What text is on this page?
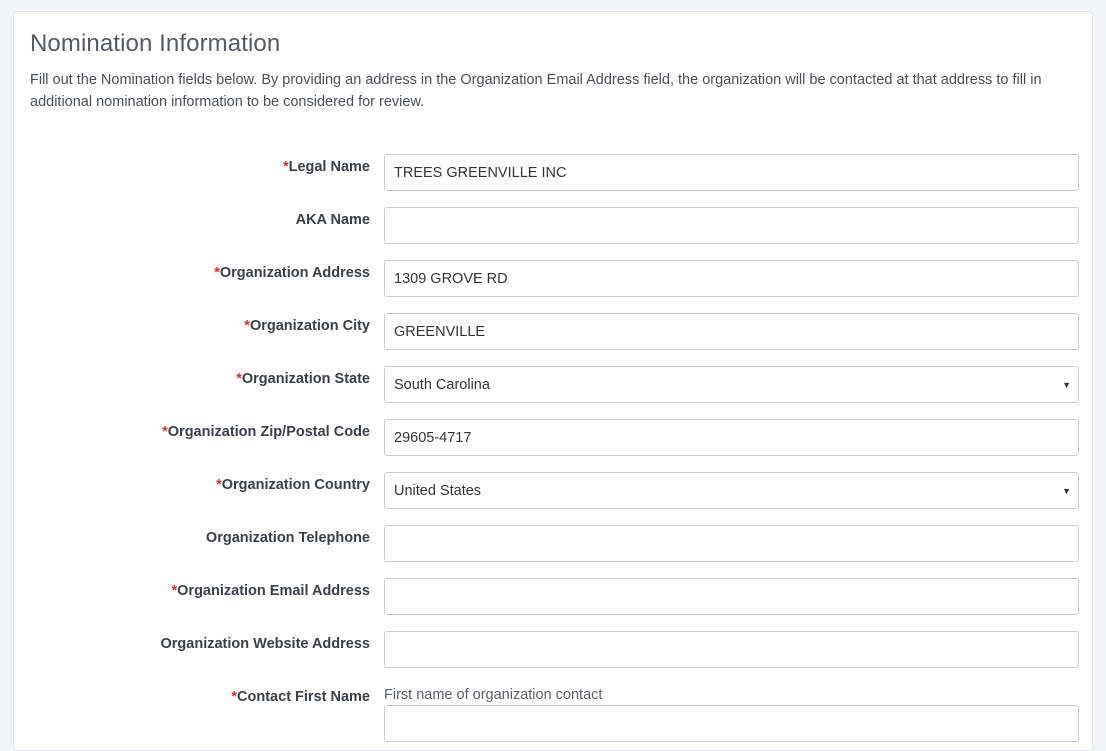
Nomination Information

Fill out the Nomination fields below. By providing an address in the Organization Email Address field, the organization will be contacted at that address to fill in additional nomination information to be considered for review.

*Legal Name
TREES GREENVILLE INC
AKA Name
*Organization Address
1309 GROVE RD
*Organization City
GREENVILLE
*Organization State South Carolina	▼
*Organization Zip/Postal Code
29605-4717
*Organization Country United States	▼
Organization Telephone
*Organization Email Address
Organization Website Address
*Contact First Name First name of organization contact
